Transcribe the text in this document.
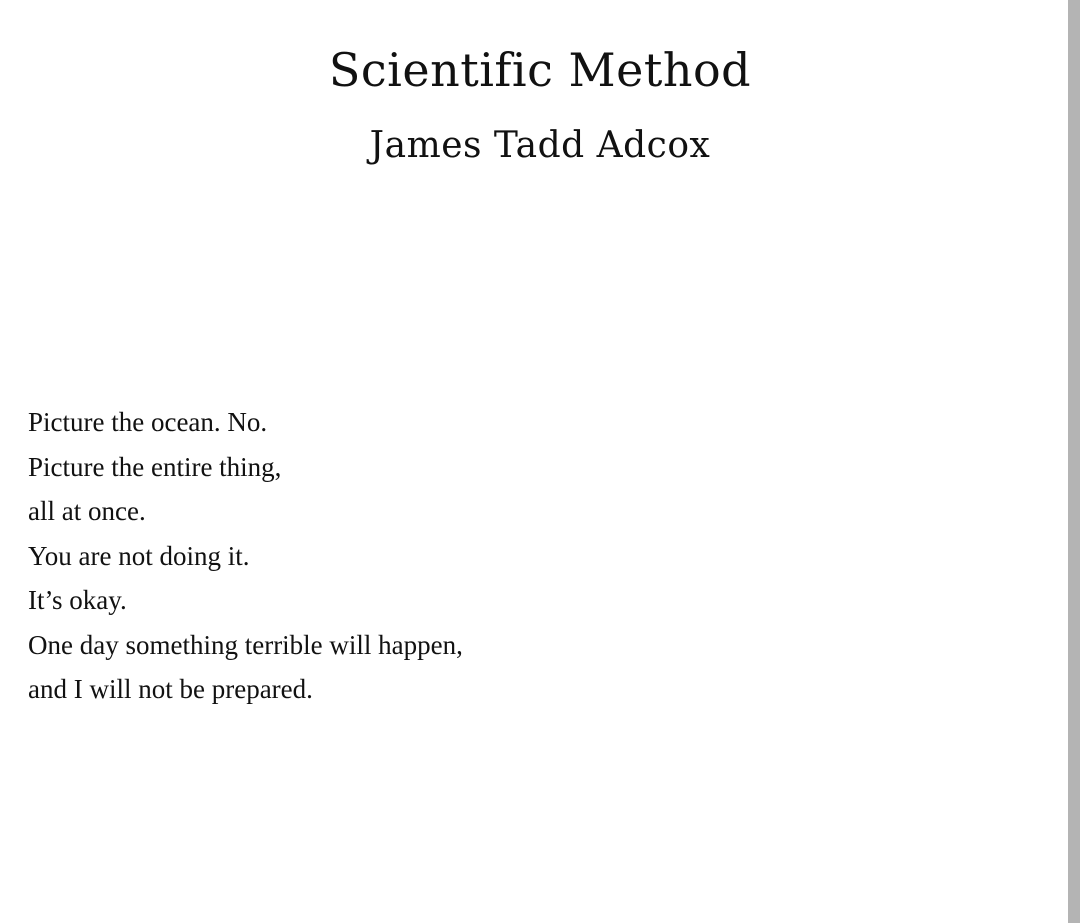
Scientific Method
James Tadd Adcox
Picture the ocean. No.
Picture the entire thing,
all at once.
You are not doing it.
It’s okay.
One day something terrible will happen,
and I will not be prepared.
